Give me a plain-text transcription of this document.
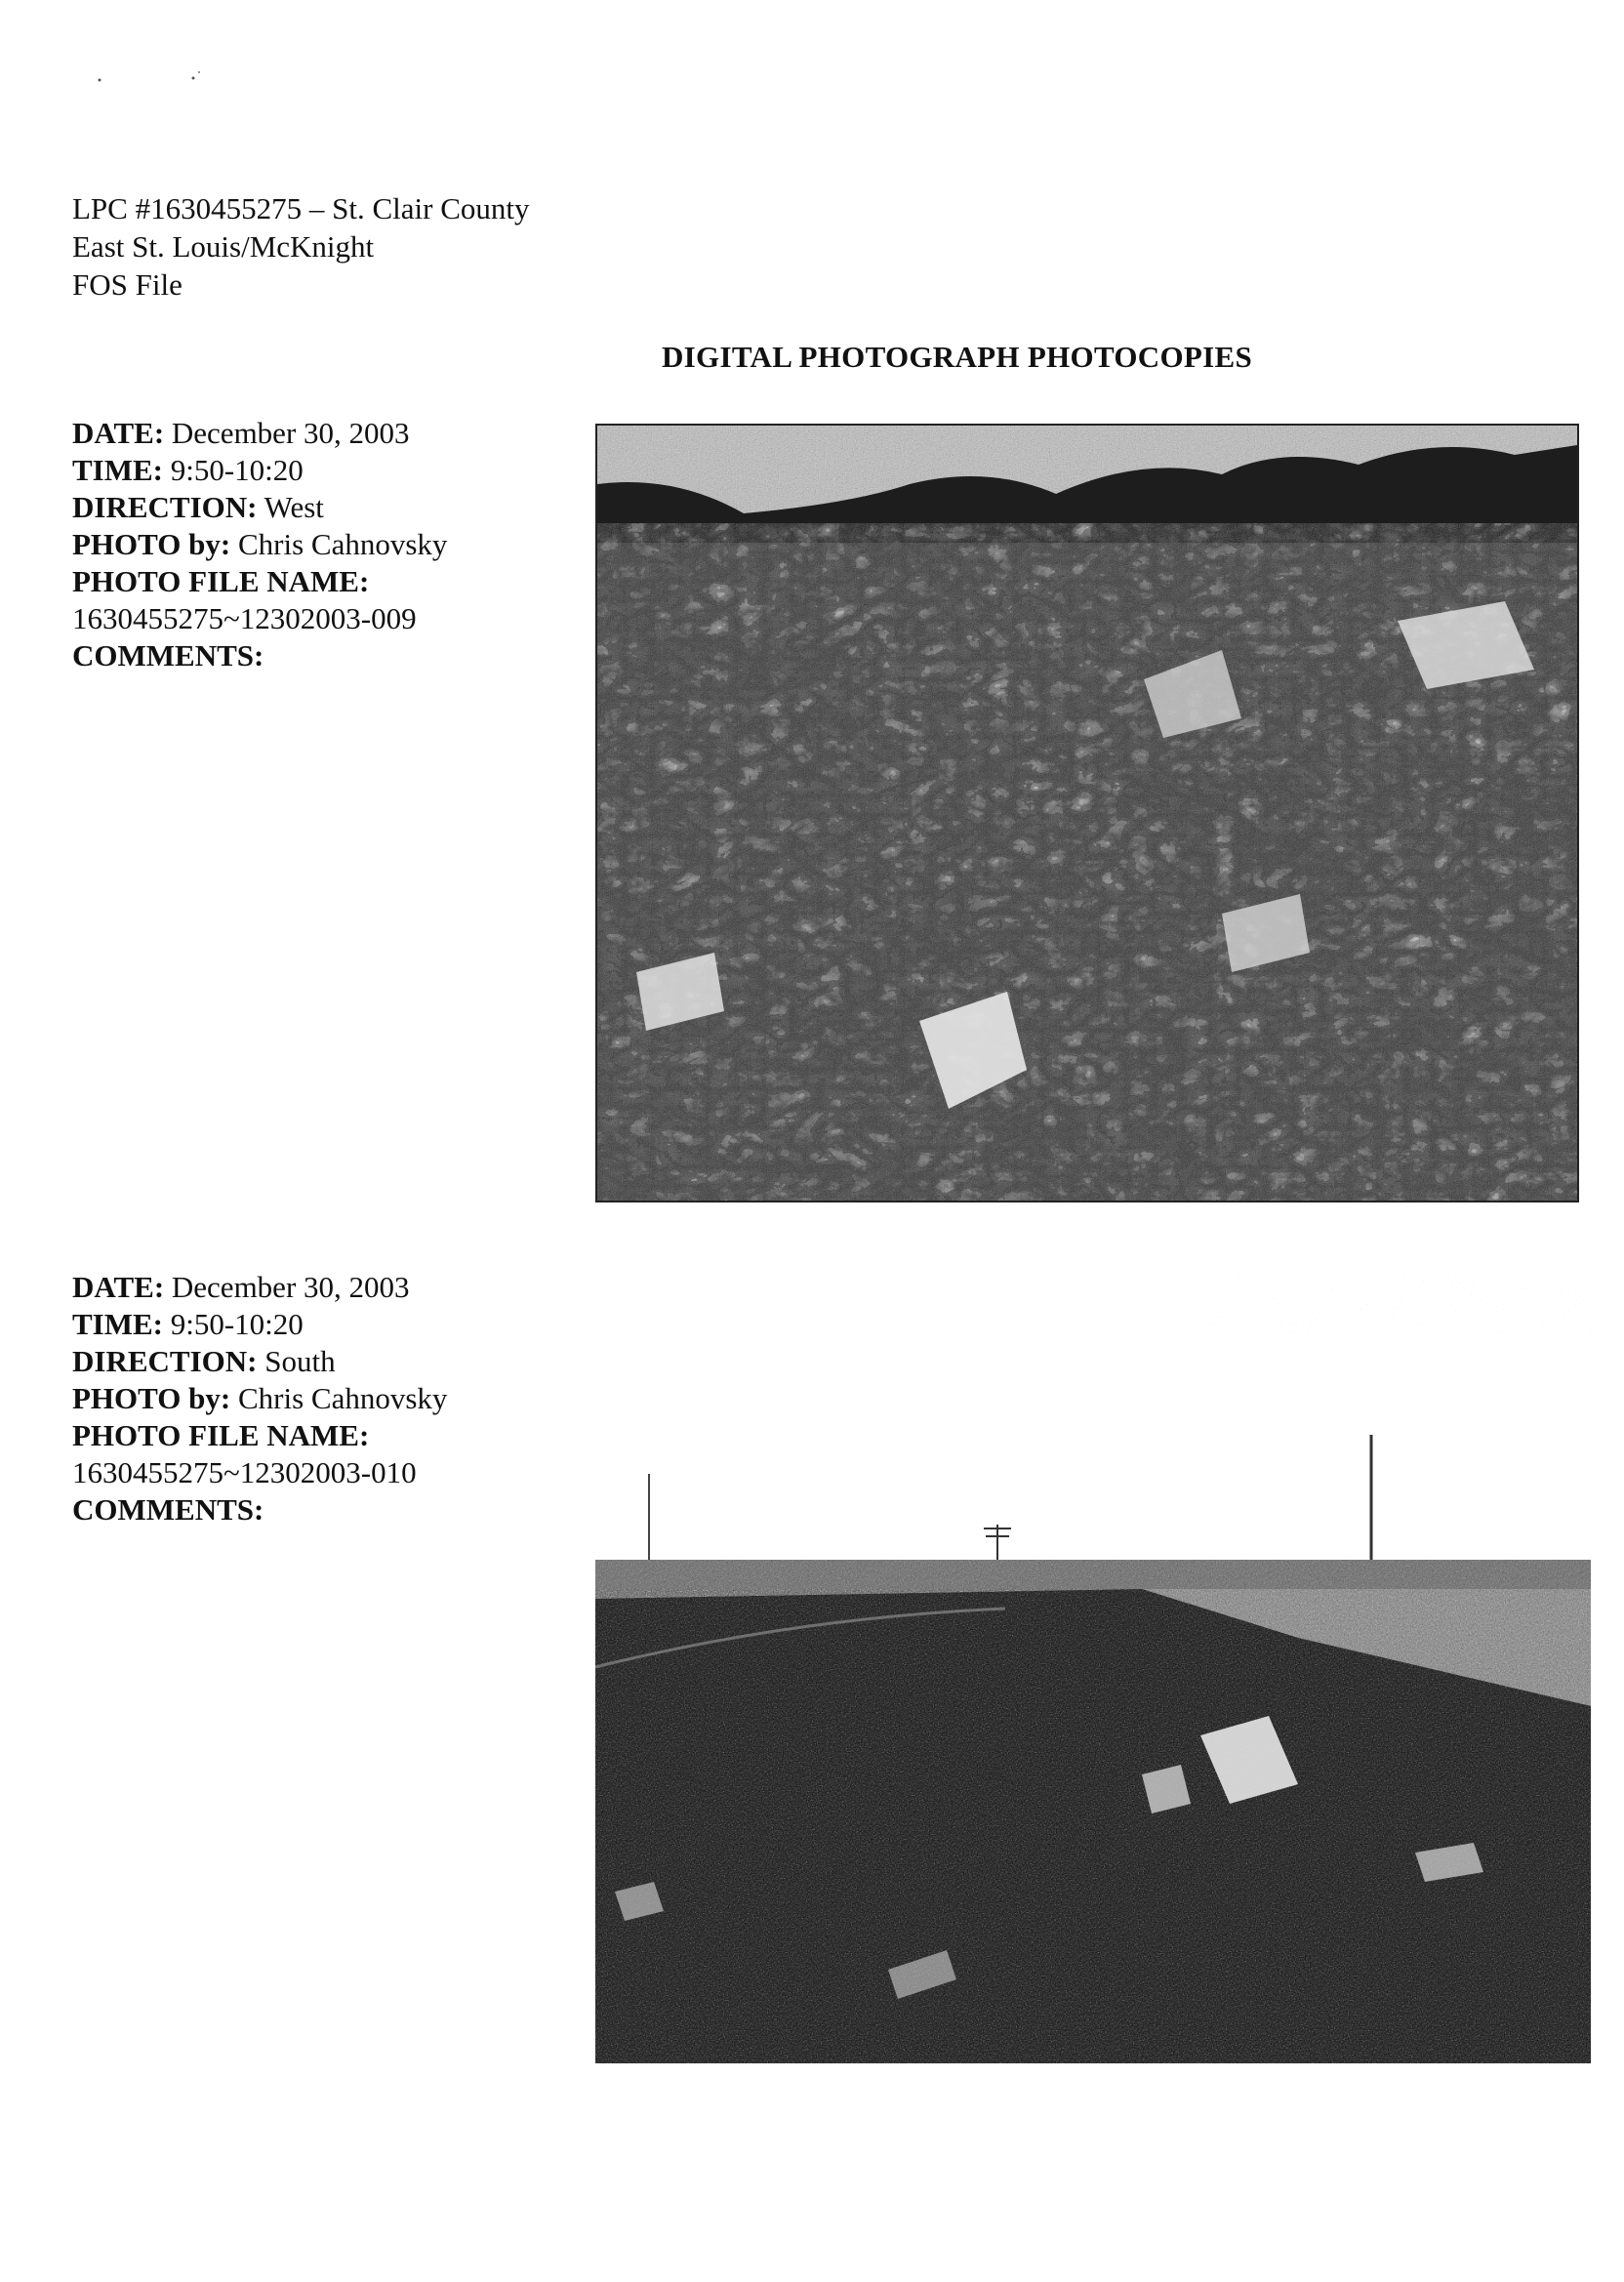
LPC #1630455275 – St. Clair County
East St. Louis/McKnight
FOS File
DIGITAL PHOTOGRAPH PHOTOCOPIES
DATE: December 30, 2003
TIME: 9:50-10:20
DIRECTION: West
PHOTO by: Chris Cahnovsky
PHOTO FILE NAME:
1630455275~12302003-009
COMMENTS:
DATE: December 30, 2003
TIME: 9:50-10:20
DIRECTION: South
PHOTO by: Chris Cahnovsky
PHOTO FILE NAME:
1630455275~12302003-010
COMMENTS:
